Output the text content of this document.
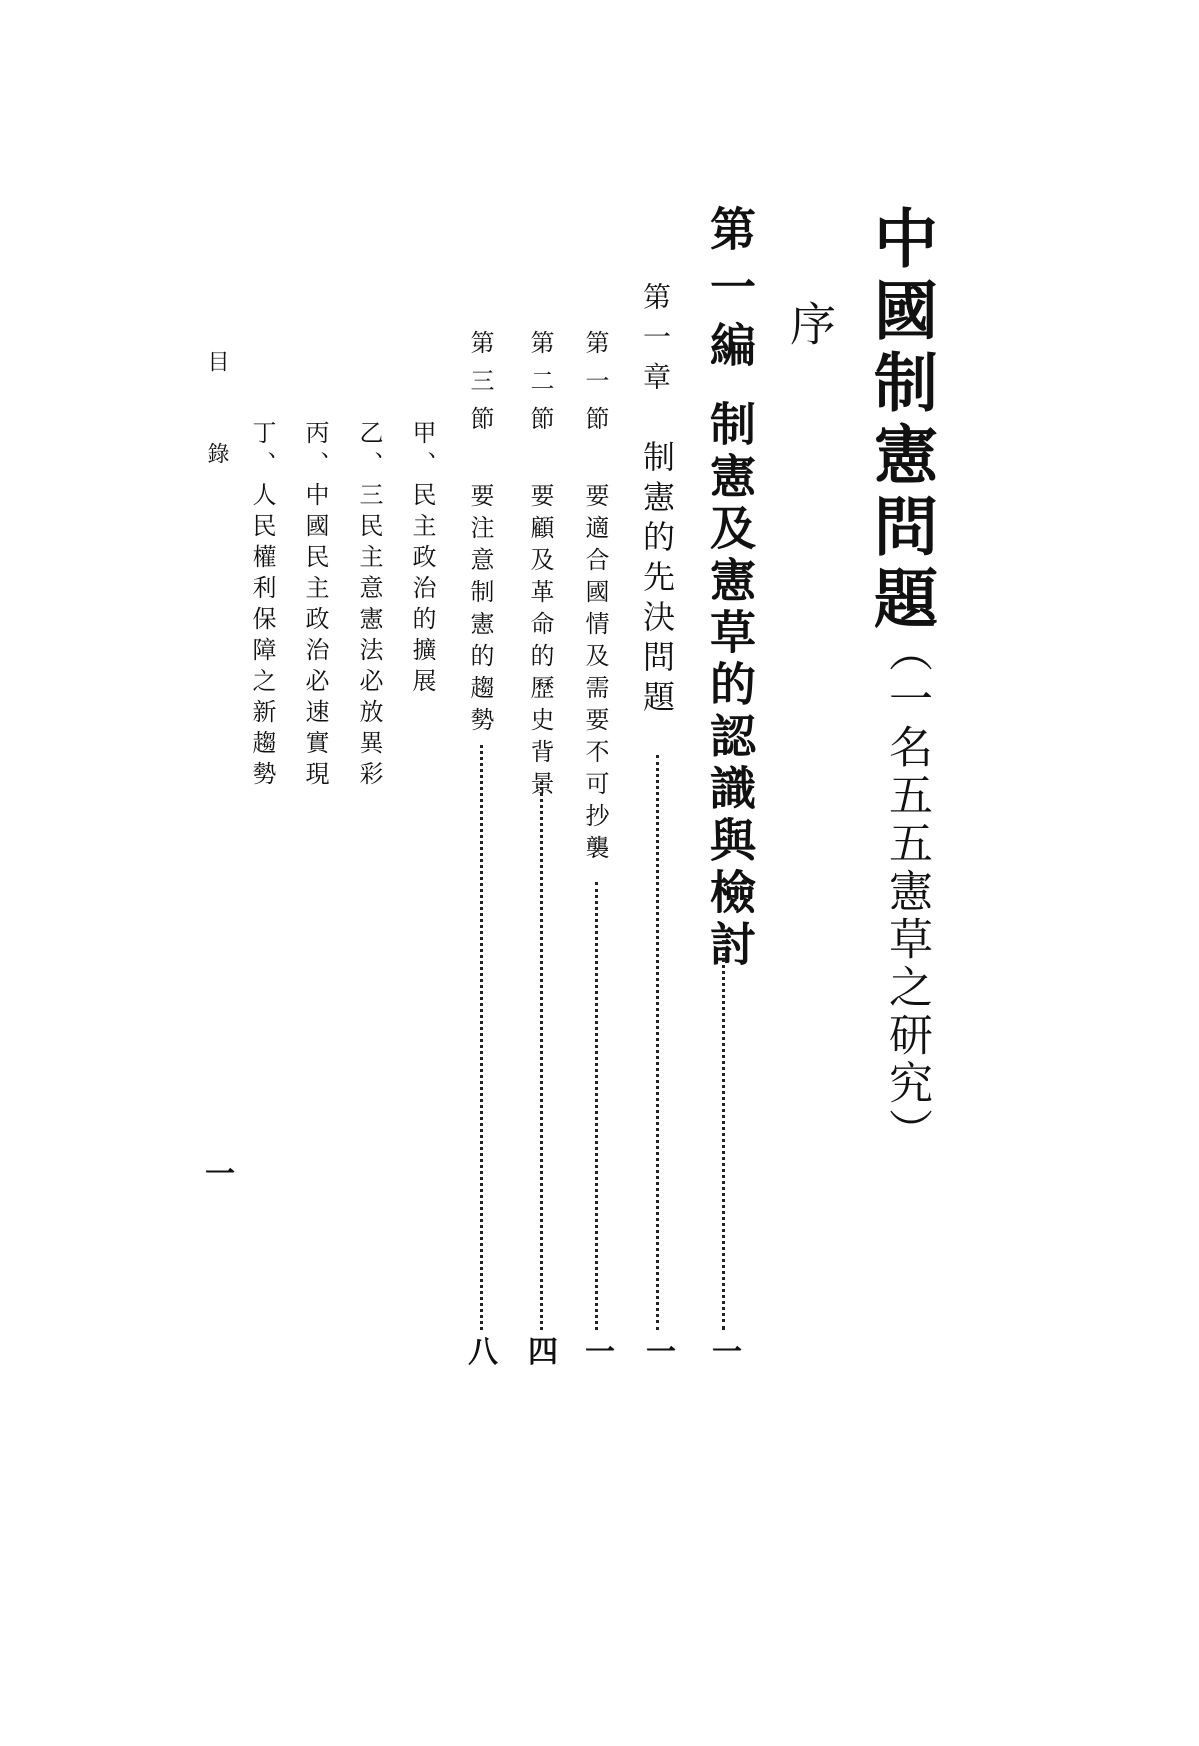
中國制憲問題
（一名五五憲草之研究）
序
第一編
制憲及憲草的認識與檢討
一
第一章
制憲的先決問題
一
第一節
要適合國情及需要不可抄襲
一
第二節
要顧及革命的歷史背景
四
第三節
要注意制憲的趨勢
八
甲、民主政治的擴展
乙、三民主意憲法必放異彩
丙、中國民主政治必速實現
丁、人民權利保障之新趨勢
目錄
一
